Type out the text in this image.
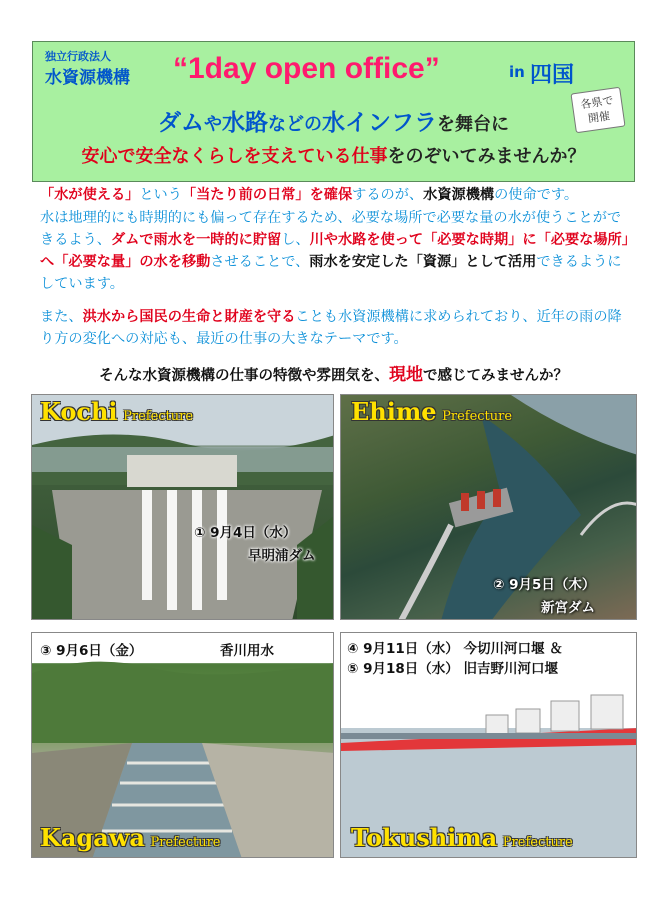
独立行政法人
水資源機構 “1day open office”	in 四国
各県で
開催
ダムや水路などの水インフラを舞台に
安心で安全なくらしを支えている仕事をのぞいてみませんか？
「水が使える」という「当たり前の日常」を確保するのが、水資源機構の使命です。
水は地理的にも時期的にも偏って存在するため、必要な場所で必要な量の水が使うことができるよう、ダムで雨水を一時的に貯留し、川や水路を使って「必要な時期」に「必要な場所」へ「必要な量」の水を移動させることで、雨水を安定した「資源」として活用できるようにしています。
また、洪水から国民の生命と財産を守ることも水資源機構に求められており、近年の雨の降り方の変化への対応も、最近の仕事の大きなテーマです。
そんな水資源機構の仕事の特徴や雰囲気を、現地で感じてみませんか？
Kochi Prefecture
① 9月4日（水）
早明浦ダム
Ehime Prefecture
② 9月5日（木）
新宮ダム
③ 9月6日（金）	香川用水
Kagawa Prefecture
④ 9月11日（水） 今切川河口堰 ＆
⑤ 9月18日（水） 旧吉野川河口堰
Tokushima Prefecture
